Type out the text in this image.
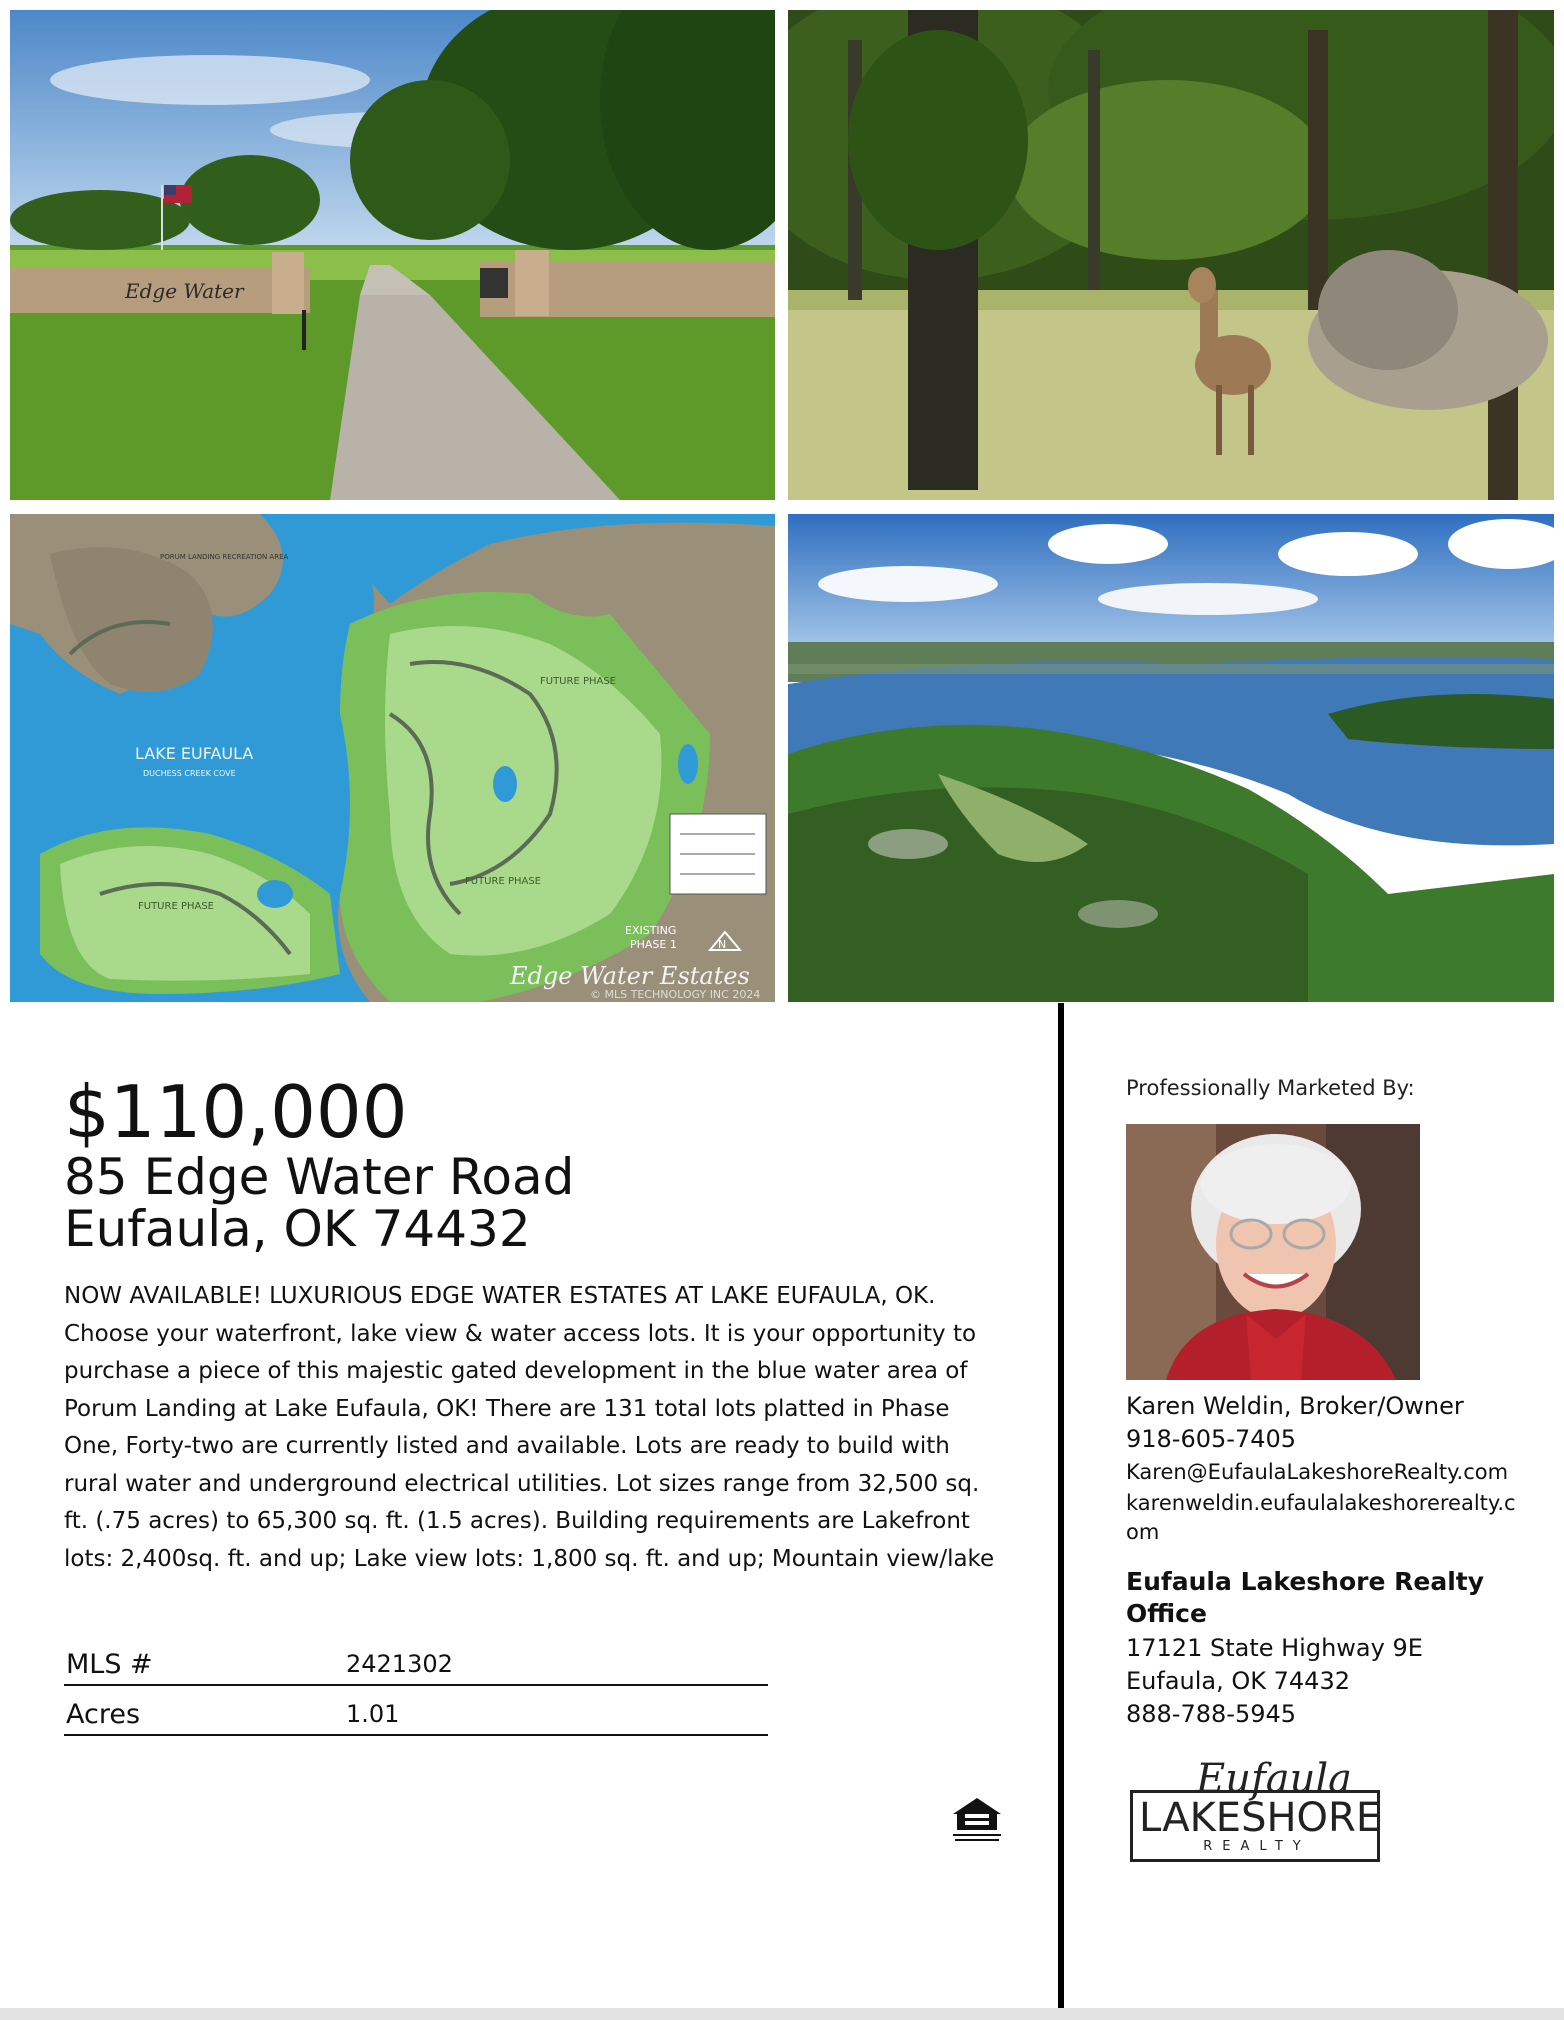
Edge Water
PORUM LANDING RECREATION AREA
LAKE EUFAULA
DUCHESS CREEK COVE
FUTURE PHASE
FUTURE PHASE
FUTURE PHASE
EXISTING
PHASE 1	N
Edge Water Estates
© MLS TECHNOLOGY INC 2024
$110,000
85 Edge Water Road
Eufaula, OK 74432
NOW AVAILABLE! LUXURIOUS EDGE WATER ESTATES AT LAKE EUFAULA, OK. Choose your waterfront, lake view & water access lots. It is your opportunity to purchase a piece of this majestic gated development in the blue water area of Porum Landing at Lake Eufaula, OK! There are 131 total lots platted in Phase One, Forty-two are currently listed and available. Lots are ready to build with rural water and underground electrical utilities. Lot sizes range from 32,500 sq. ft. (.75 acres) to 65,300 sq. ft. (1.5 acres). Building requirements are Lakefront lots: 2,400sq. ft. and up; Lake view lots: 1,800 sq. ft. and up; Mountain view/lake
MLS #	2421302
Acres	1.01
Professionally Marketed By:
Karen Weldin, Broker/Owner
918-605-7405
Karen@EufaulaLakeshoreRealty.com
karenweldin.eufaulalakeshorerealty.com
Eufaula Lakeshore Realty Office
17121 State Highway 9E
Eufaula, OK 74432
888-788-5945
Eufaula
LAKESHORE
REALTY
